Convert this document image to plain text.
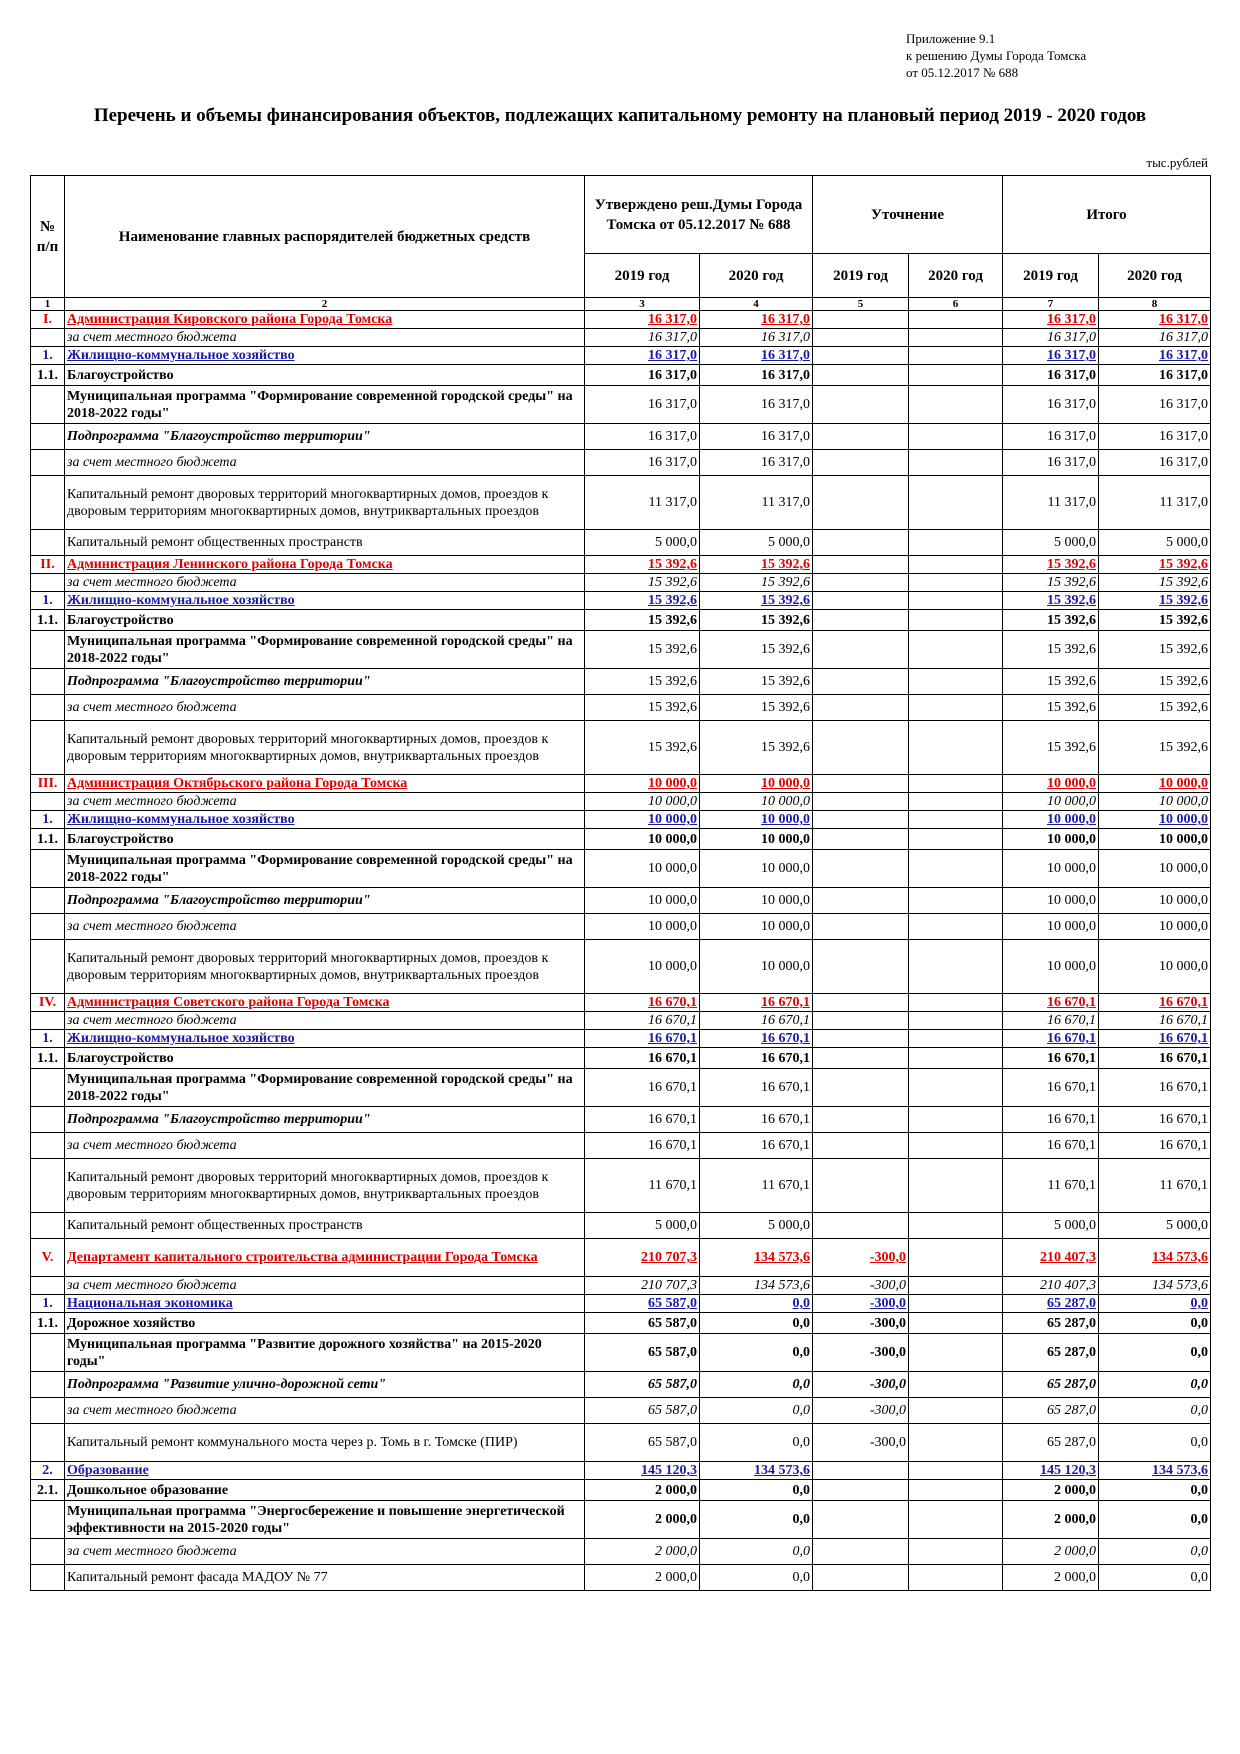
Приложение 9.1
к решению Думы Города Томска
от 05.12.2017 № 688
Перечень и объемы финансирования объектов, подлежащих капитальному ремонту на плановый период 2019 - 2020 годов
тыс.рублей
№ п/п	Наименование главных распорядителей бюджетных средств	Утверждено реш.Думы Города Томска от 05.12.2017 № 688		Уточнение		Итого	
		2019 год	2020 год	2019 год	2020 год	2019 год	2020 год
1	2	3	4	5	6	7	8
I.	Администрация Кировского района Города Томска	16 317,0	16 317,0			16 317,0	16 317,0
	за счет местного бюджета	16 317,0	16 317,0			16 317,0	16 317,0
1.	Жилищно-коммунальное хозяйство	16 317,0	16 317,0			16 317,0	16 317,0
1.1.	Благоустройство	16 317,0	16 317,0			16 317,0	16 317,0
	Муниципальная программа "Формирование современной городской среды" на 2018-2022 годы"	16 317,0	16 317,0			16 317,0	16 317,0
	Подпрограмма "Благоустройство территории"	16 317,0	16 317,0			16 317,0	16 317,0
	за счет местного бюджета	16 317,0	16 317,0			16 317,0	16 317,0
	Капитальный ремонт дворовых территорий многоквартирных домов, проездов к дворовым территориям многоквартирных домов, внутриквартальных проездов	11 317,0	11 317,0			11 317,0	11 317,0
	Капитальный ремонт общественных пространств	5 000,0	5 000,0			5 000,0	5 000,0
II.	Администрация Ленинского района Города Томска	15 392,6	15 392,6			15 392,6	15 392,6
	за счет местного бюджета	15 392,6	15 392,6			15 392,6	15 392,6
1.	Жилищно-коммунальное хозяйство	15 392,6	15 392,6			15 392,6	15 392,6
1.1.	Благоустройство	15 392,6	15 392,6			15 392,6	15 392,6
	Муниципальная программа "Формирование современной городской среды" на 2018-2022 годы"	15 392,6	15 392,6			15 392,6	15 392,6
	Подпрограмма "Благоустройство территории"	15 392,6	15 392,6			15 392,6	15 392,6
	за счет местного бюджета	15 392,6	15 392,6			15 392,6	15 392,6
	Капитальный ремонт дворовых территорий многоквартирных домов, проездов к дворовым территориям многоквартирных домов, внутриквартальных проездов	15 392,6	15 392,6			15 392,6	15 392,6
III.	Администрация Октябрьского района Города Томска	10 000,0	10 000,0			10 000,0	10 000,0
	за счет местного бюджета	10 000,0	10 000,0			10 000,0	10 000,0
1.	Жилищно-коммунальное хозяйство	10 000,0	10 000,0			10 000,0	10 000,0
1.1.	Благоустройство	10 000,0	10 000,0			10 000,0	10 000,0
	Муниципальная программа "Формирование современной городской среды" на 2018-2022 годы"	10 000,0	10 000,0			10 000,0	10 000,0
	Подпрограмма "Благоустройство территории"	10 000,0	10 000,0			10 000,0	10 000,0
	за счет местного бюджета	10 000,0	10 000,0			10 000,0	10 000,0
	Капитальный ремонт дворовых территорий многоквартирных домов, проездов к дворовым территориям многоквартирных домов, внутриквартальных проездов	10 000,0	10 000,0			10 000,0	10 000,0
IV.	Администрация Советского района Города Томска	16 670,1	16 670,1			16 670,1	16 670,1
	за счет местного бюджета	16 670,1	16 670,1			16 670,1	16 670,1
1.	Жилищно-коммунальное хозяйство	16 670,1	16 670,1			16 670,1	16 670,1
1.1.	Благоустройство	16 670,1	16 670,1			16 670,1	16 670,1
	Муниципальная программа "Формирование современной городской среды" на 2018-2022 годы"	16 670,1	16 670,1			16 670,1	16 670,1
	Подпрограмма "Благоустройство территории"	16 670,1	16 670,1			16 670,1	16 670,1
	за счет местного бюджета	16 670,1	16 670,1			16 670,1	16 670,1
	Капитальный ремонт дворовых территорий многоквартирных домов, проездов к дворовым территориям многоквартирных домов, внутриквартальных проездов	11 670,1	11 670,1			11 670,1	11 670,1
	Капитальный ремонт общественных пространств	5 000,0	5 000,0			5 000,0	5 000,0
V.	Департамент капитального строительства администрации Города Томска	210 707,3	134 573,6	-300,0		210 407,3	134 573,6
	за счет местного бюджета	210 707,3	134 573,6	-300,0		210 407,3	134 573,6
1.	Национальная экономика	65 587,0	0,0	-300,0		65 287,0	0,0
1.1.	Дорожное хозяйство	65 587,0	0,0	-300,0		65 287,0	0,0
	Муниципальная программа "Развитие дорожного хозяйства" на 2015-2020 годы"	65 587,0	0,0	-300,0		65 287,0	0,0
	Подпрограмма "Развитие улично-дорожной сети"	65 587,0	0,0	-300,0		65 287,0	0,0
	за счет местного бюджета	65 587,0	0,0	-300,0		65 287,0	0,0
	Капитальный ремонт коммунального моста через р. Томь в г. Томске (ПИР)	65 587,0	0,0	-300,0		65 287,0	0,0
2.	Образование	145 120,3	134 573,6			145 120,3	134 573,6
2.1.	Дошкольное образование	2 000,0	0,0			2 000,0	0,0
	Муниципальная программа "Энергосбережение и повышение энергетической эффективности на 2015-2020 годы"	2 000,0	0,0			2 000,0	0,0
	за счет местного бюджета	2 000,0	0,0			2 000,0	0,0
	Капитальный ремонт фасада МАДОУ № 77	2 000,0	0,0			2 000,0	0,0
